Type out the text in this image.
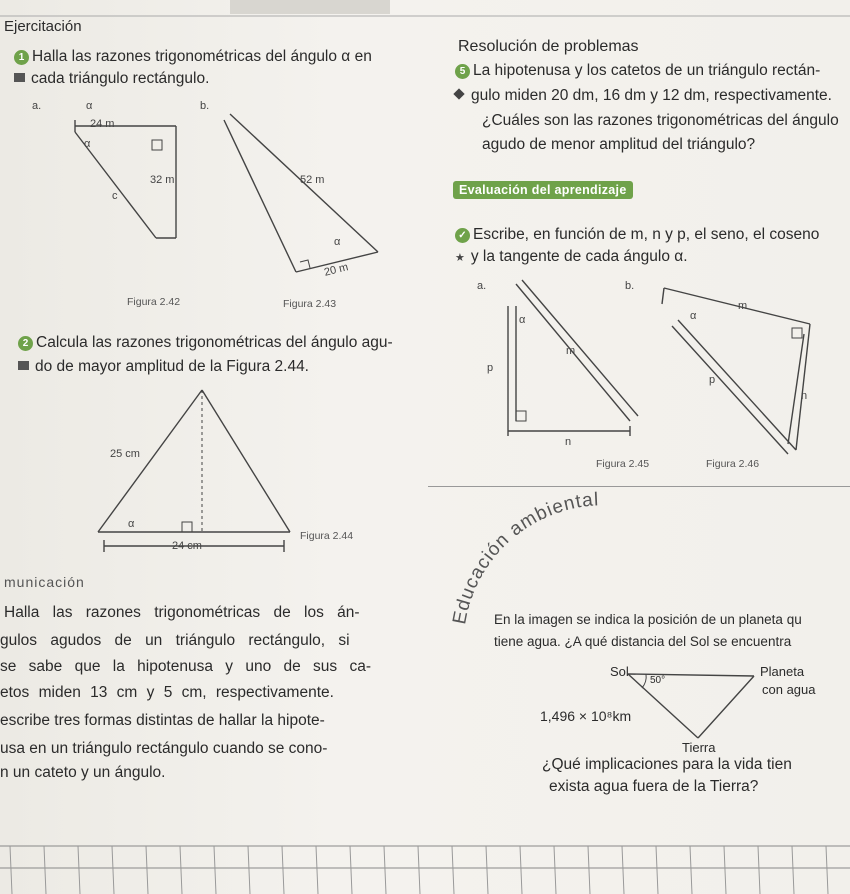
Ejercitación
Resolución de problemas
1 Halla las razones trigonométricas del ángulo α en
cada triángulo rectángulo.
a.	α
24 m
α
32 m
c
Figura 2.42
b.
52 m
α
20 m
Figura 2.43
2 Calcula las razones trigonométricas del ángulo agu-
do de mayor amplitud de la Figura 2.44.
25 cm
α
24 cm
Figura 2.44
5 La hipotenusa y los catetos de un triángulo rectán-
gulo miden 20 dm, 16 dm y 12 dm, respectivamente.
¿Cuáles son las razones trigonométricas del ángulo
agudo de menor amplitud del triángulo?
Evaluación del aprendizaje
✓ Escribe, en función de m, n y p, el seno, el coseno
★ y la tangente de cada ángulo α.
a.
α
m
p
n
Figura 2.45
b.
m
α
p
n
Figura 2.46
municación
Halla las razones trigonométricas de los án-
gulos agudos de un triángulo rectángulo, si
se sabe que la hipotenusa y uno de sus ca-
etos miden 13 cm y 5 cm, respectivamente.
escribe tres formas distintas de hallar la hipote-
usa en un triángulo rectángulo cuando se cono-
n un cateto y un ángulo.
Educación ambiental
En la imagen se indica la posición de un planeta qu
tiene agua. ¿A qué distancia del Sol se encuentra
Sol	Planeta
con agua
50°
1,496 × 10⁸km
Tierra
¿Qué implicaciones para la vida tien
exista agua fuera de la Tierra?
